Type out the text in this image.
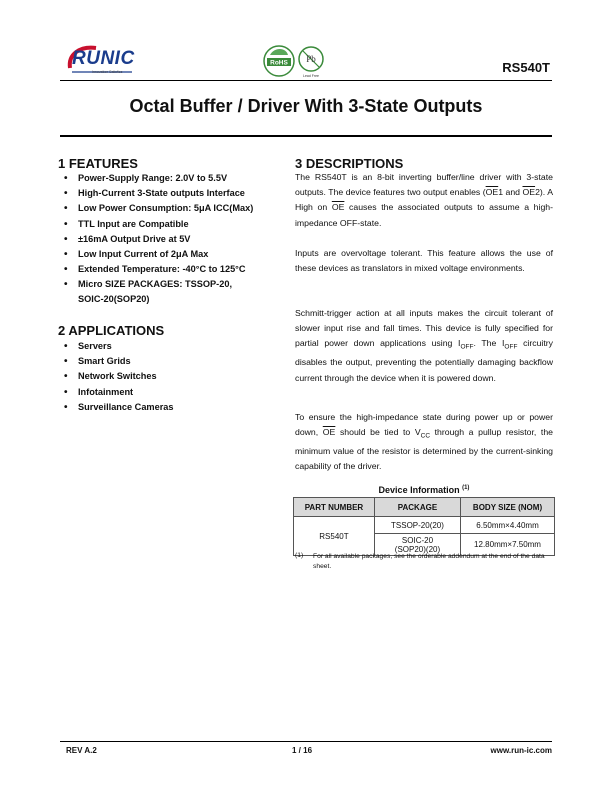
RUNIC
Innovation Satisfies
RoHS Pb
Lead Free
RS540T
Octal Buffer / Driver With 3-State Outputs
1 FEATURES
• Power-Supply Range: 2.0V to 5.5V
• High-Current 3-State outputs Interface
• Low Power Consumption: 5μA ICC(Max)
• TTL Input are Compatible
• ±16mA Output Drive at 5V
• Low Input Current of 2μA Max
• Extended Temperature: -40°C to 125°C
• Micro SIZE PACKAGES: TSSOP-20,
SOIC-20(SOP20)
2 APPLICATIONS
• Servers
• Smart Grids
• Network Switches
• Infotainment
• Surveillance Cameras
3 DESCRIPTIONS

The RS540T is an 8-bit inverting buffer/line driver with 3-state outputs. The device features two output enables ($\overline{OE}1$ and $\overline{OE}2$). A High on $\overline{OE}$ causes the associated outputs to assume a high-impedance OFF-state.

Inputs are overvoltage tolerant. This feature allows the use of these devices as translators in mixed voltage environments.

Schmitt-trigger action at all inputs makes the circuit tolerant of slower input rise and fall times. This device is fully specified for partial power down applications using $I_{OFF}$. The $I_{OFF}$ circuitry disables the output, preventing the potentially damaging backflow current through the device when it is powered down.

To ensure the high-impedance state during power up or power down, $\overline{OE}$ should be tied to $V_{CC}$ through a pullup resistor, the minimum value of the resistor is determined by the current-sinking capability of the driver.

Device Information $^{(1)}$
PART NUMBER	PACKAGE	BODY SIZE (NOM)
RS540T	TSSOP-20(20)	6.50mm×4.40mm
	SOIC-20
(SOP20)(20)	12.80mm×7.50mm
(1) For all available packages, see the orderable addendum at the end of the data sheet.
REV A.2	1 / 16	www.run-ic.com
